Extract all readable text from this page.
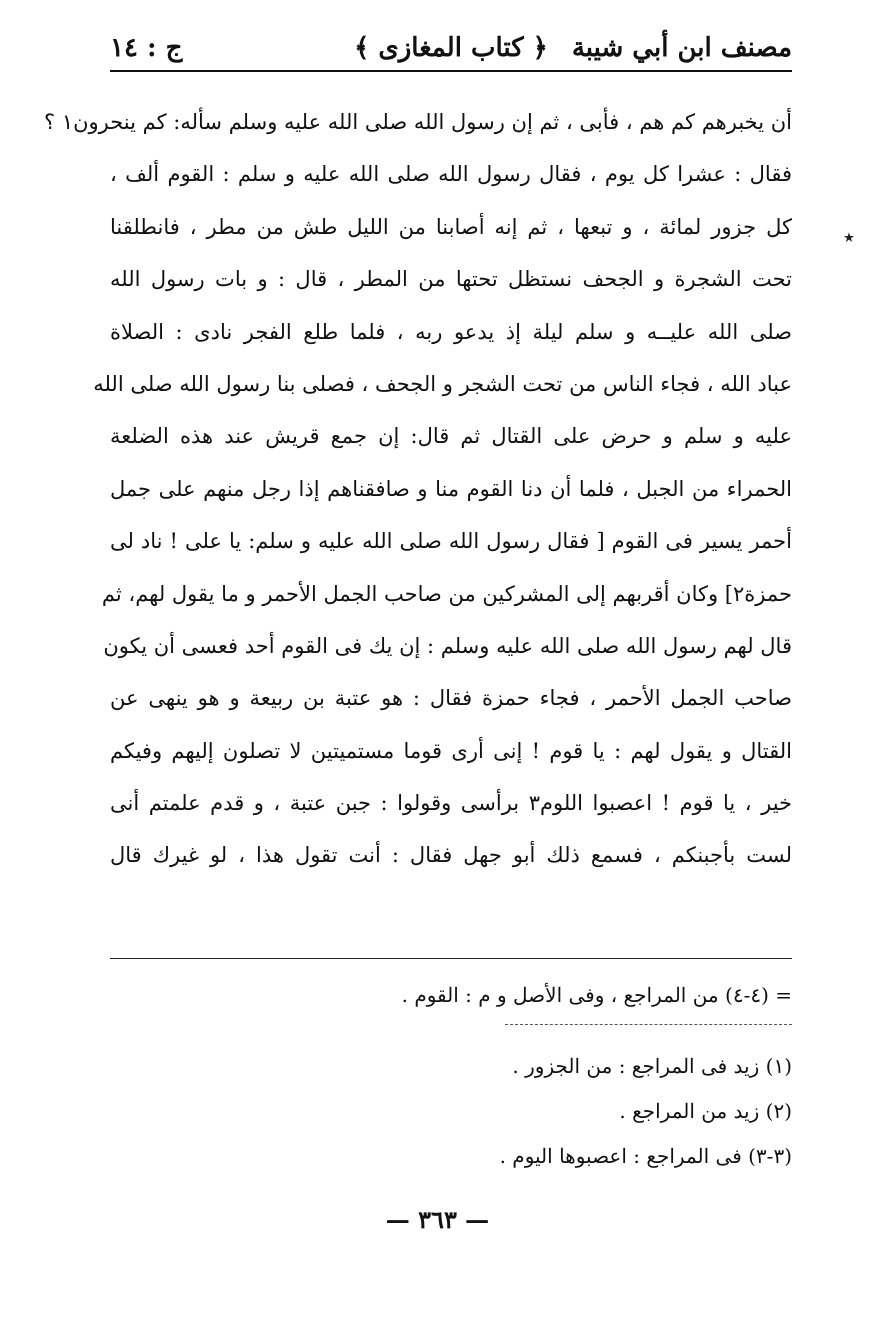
مصنف ابن أبي شيبة
﴿ كتاب المغازى ﴾
ج : ١٤
أن يخبرهم كم هم ، فأبى ، ثم إن رسول الله صلى الله عليه وسلم سأله: كم ينحرون١ ؟
فقال : عشرا كل يوم ، فقال رسول الله صلى الله عليه و سلم : القوم ألف ،
كل جزور لمائة ، و تبعها ، ثم إنه أصابنا من الليل طش من مطر ، فانطلقنا
تحت الشجرة و الجحف نستظل تحتها من المطر ، قال : و بات رسول الله
صلى الله عليــه و سلم ليلة إذ يدعو ربه ، فلما طلع الفجر نادى : الصلاة
عباد الله ، فجاء الناس من تحت الشجر و الجحف ، فصلى بنا رسول الله صلى الله
عليه و سلم و حرض على القتال ثم قال: إن جمع قريش عند هذه الضلعة
الحمراء من الجبل ، فلما أن دنا القوم منا و صافقناهم إذا رجل منهم على جمل
أحمر يسير فى القوم [ فقال رسول الله صلى الله عليه و سلم: يا على ! ناد لى
حمزة٢] وكان أقربهم إلى المشركين من صاحب الجمل الأحمر و ما يقول لهم، ثم
قال لهم رسول الله صلى الله عليه وسلم : إن يك فى القوم أحد فعسى أن يكون
صاحب الجمل الأحمر ، فجاء حمزة فقال : هو عتبة بن ربيعة و هو ينهى عن
القتال و يقول لهم : يا قوم ! إنى أرى قوما مستميتين لا تصلون إليهم وفيكم
خير ، يا قوم ! اعصبوا اللوم٣ برأسى وقولوا : جبن عتبة ، و قدم علمتم أنى
لست بأجبنكم ، فسمع ذلك أبو جهل فقال : أنت تقول هذا ، لو غيرك قال
٭
= (٤-٤) من المراجع ، وفى الأصل و م : القوم .
(١) زيد فى المراجع : من الجزور .
(٢) زيد من المراجع .
(٣-٣) فى المراجع : اعصبوها اليوم .
— ٣٦٣ —
